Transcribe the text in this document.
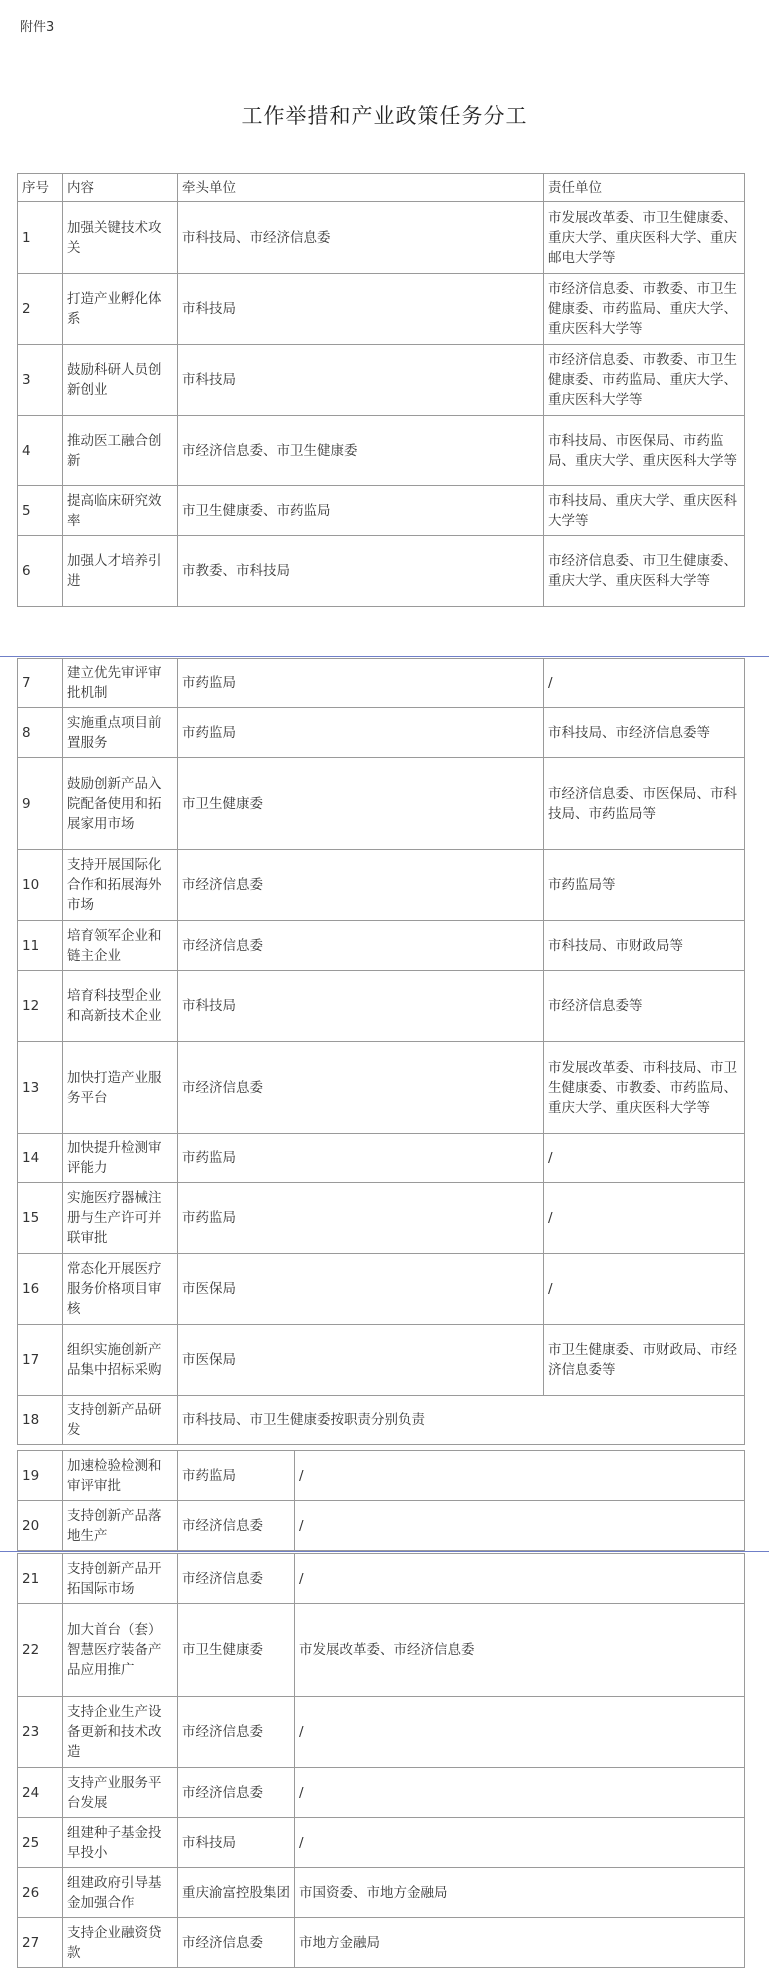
附件3
工作举措和产业政策任务分工
序号	内容	牵头单位	责任单位
1	加强关键技术攻关	市科技局、市经济信息委	市发展改革委、市卫生健康委、重庆大学、重庆医科大学、重庆邮电大学等
2	打造产业孵化体系	市科技局	市经济信息委、市教委、市卫生健康委、市药监局、重庆大学、重庆医科大学等
3	鼓励科研人员创新创业	市科技局	市经济信息委、市教委、市卫生健康委、市药监局、重庆大学、重庆医科大学等
4	推动医工融合创新	市经济信息委、市卫生健康委	市科技局、市医保局、市药监局、重庆大学、重庆医科大学等
5	提高临床研究效率	市卫生健康委、市药监局	市科技局、重庆大学、重庆医科大学等
6	加强人才培养引进	市教委、市科技局	市经济信息委、市卫生健康委、重庆大学、重庆医科大学等
7	建立优先审评审批机制	市药监局	/
8	实施重点项目前置服务	市药监局	市科技局、市经济信息委等
9	鼓励创新产品入院配备使用和拓展家用市场	市卫生健康委	市经济信息委、市医保局、市科技局、市药监局等
10	支持开展国际化合作和拓展海外市场	市经济信息委	市药监局等
11	培育领军企业和链主企业	市经济信息委	市科技局、市财政局等
12	培育科技型企业和高新技术企业	市科技局	市经济信息委等
13	加快打造产业服务平台	市经济信息委	市发展改革委、市科技局、市卫生健康委、市教委、市药监局、重庆大学、重庆医科大学等
14	加快提升检测审评能力	市药监局	/
15	实施医疗器械注册与生产许可并联审批	市药监局	/
16	常态化开展医疗服务价格项目审核	市医保局	/
17	组织实施创新产品集中招标采购	市医保局	市卫生健康委、市财政局、市经济信息委等
18	支持创新产品研发	市科技局、市卫生健康委按职责分别负责	
19	加速检验检测和审评审批	市药监局	/
20	支持创新产品落地生产	市经济信息委	/
21	支持创新产品开拓国际市场	市经济信息委	/
22	加大首台（套）智慧医疗装备产品应用推广	市卫生健康委	市发展改革委、市经济信息委
23	支持企业生产设备更新和技术改造	市经济信息委	/
24	支持产业服务平台发展	市经济信息委	/
25	组建种子基金投早投小	市科技局	/
26	组建政府引导基金加强合作	重庆渝富控股集团	市国资委、市地方金融局
27	支持企业融资贷款	市经济信息委	市地方金融局
